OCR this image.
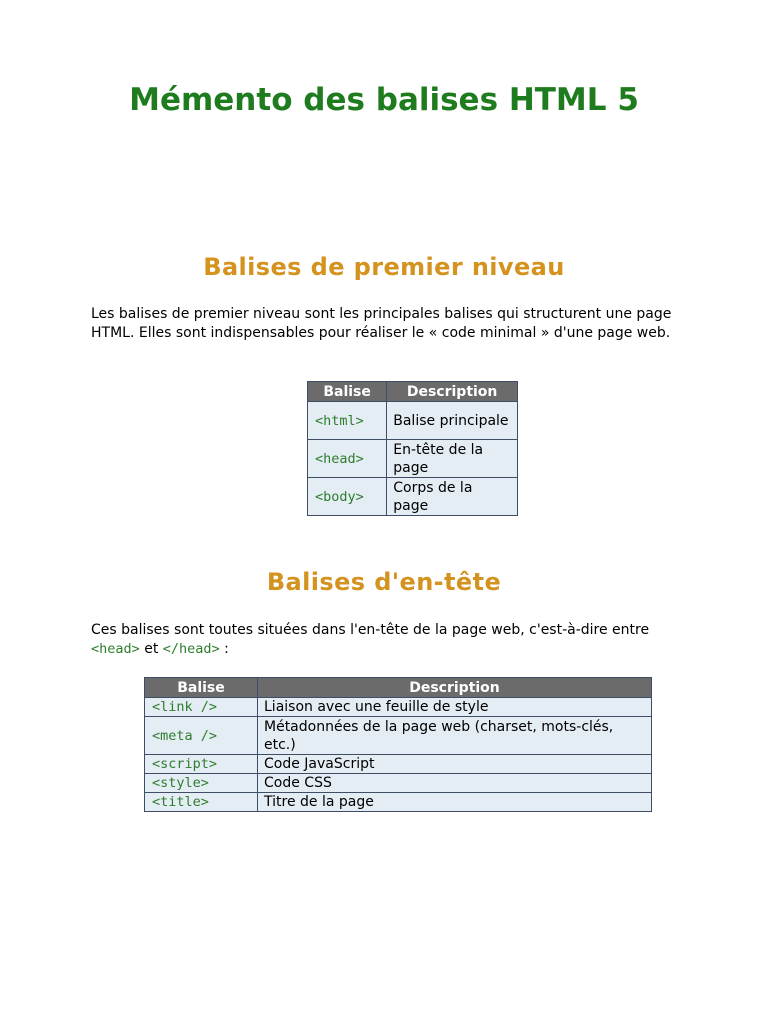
Mémento des balises HTML 5
Balises de premier niveau

Les balises de premier niveau sont les principales balises qui structurent une page HTML. Elles sont indispensables pour réaliser le « code minimal » d'une page web.

Balise	Description
<html>	Balise principale
<head>	En-tête de la page
<body>	Corps de la page
Balises d'en-tête

Ces balises sont toutes situées dans l'en-tête de la page web, c'est-à-dire entre <head> et </head> :

Balise	Description
<link />	Liaison avec une feuille de style
<meta />	Métadonnées de la page web (charset, mots-clés, etc.)
<script>	Code JavaScript
<style>	Code CSS
<title>	Titre de la page
